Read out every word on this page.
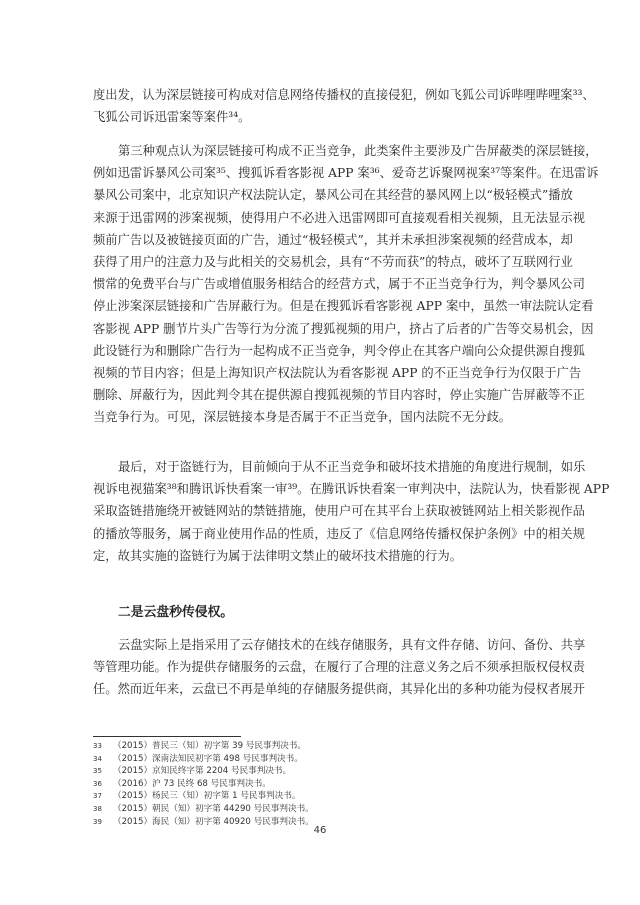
度出发，认为深层链接可构成对信息网络传播权的直接侵犯，例如飞狐公司诉哔哩哔哩案³³、
飞狐公司诉迅雷案等案件³⁴。
第三种观点认为深层链接可构成不正当竞争，此类案件主要涉及广告屏蔽类的深层链接，
例如迅雷诉暴风公司案³⁵、搜狐诉看客影视 APP 案³⁶、爱奇艺诉聚网视案³⁷等案件。在迅雷诉
暴风公司案中，北京知识产权法院认定，暴风公司在其经营的暴风网上以“极轻模式”播放
来源于迅雷网的涉案视频，使得用户不必进入迅雷网即可直接观看相关视频，且无法显示视
频前广告以及被链接页面的广告，通过“极轻模式”，其并未承担涉案视频的经营成本，却
获得了用户的注意力及与此相关的交易机会，具有“不劳而获”的特点，破坏了互联网行业
惯常的免费平台与广告或增值服务相结合的经营方式，属于不正当竞争行为，判令暴风公司
停止涉案深层链接和广告屏蔽行为。但是在搜狐诉看客影视 APP 案中，虽然一审法院认定看
客影视 APP 删节片头广告等行为分流了搜狐视频的用户，挤占了后者的广告等交易机会，因
此设链行为和删除广告行为一起构成不正当竞争，判令停止在其客户端向公众提供源自搜狐
视频的节目内容；但是上海知识产权法院认为看客影视 APP 的不正当竞争行为仅限于广告
删除、屏蔽行为，因此判令其在提供源自搜狐视频的节目内容时，停止实施广告屏蔽等不正
当竞争行为。可见，深层链接本身是否属于不正当竞争，国内法院不无分歧。
最后，对于盗链行为，目前倾向于从不正当竞争和破坏技术措施的角度进行规制，如乐
视诉电视猫案³⁸和腾讯诉快看案一审³⁹。在腾讯诉快看案一审判决中，法院认为，快看影视 APP
采取盗链措施绕开被链网站的禁链措施，使用户可在其平台上获取被链网站上相关影视作品
的播放等服务，属于商业使用作品的性质，违反了《信息网络传播权保护条例》中的相关规
定，故其实施的盗链行为属于法律明文禁止的破坏技术措施的行为。
二是云盘秒传侵权。
云盘实际上是指采用了云存储技术的在线存储服务，具有文件存储、访问、备份、共享
等管理功能。作为提供存储服务的云盘，在履行了合理的注意义务之后不须承担版权侵权责
任。然而近年来，云盘已不再是单纯的存储服务提供商，其异化出的多种功能为侵权者展开
33 （2015）普民三（知）初字第 39 号民事判决书。
34 （2015）深南法知民初字第 498 号民事判决书。
35 （2015）京知民终字第 2204 号民事判决书。
36 （2016）沪 73 民终 68 号民事判决书。
37 （2015）杨民三（知）初字第 1 号民事判决书。
38 （2015）朝民（知）初字第 44290 号民事判决书。
39 （2015）海民（知）初字第 40920 号民事判决书。
46
